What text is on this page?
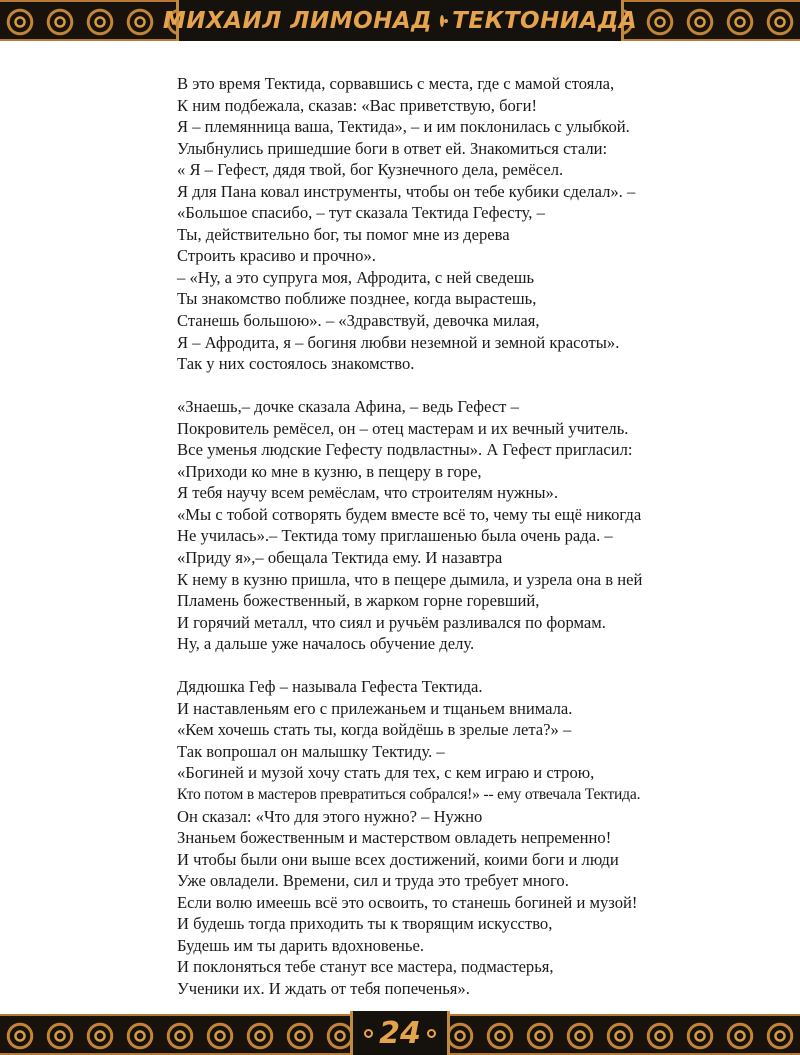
МИХАИЛ ЛИМОНАД ТЕКТОНИАДА
В это время Тектида, сорвавшись с места, где с мамой стояла,
К ним подбежала, сказав: «Вас приветствую, боги!
Я – племянница ваша, Тектида», – и им поклонилась с улыбкой.
Улыбнулись пришедшие боги в ответ ей. Знакомиться стали:
« Я – Гефест, дядя твой, бог Кузнечного дела, ремёсел.
Я для Пана ковал инструменты, чтобы он тебе кубики сделал». –
«Большое спасибо, – тут сказала Тектида Гефесту, –
Ты, действительно бог, ты помог мне из дерева
Строить красиво и прочно».
– «Ну, а это супруга моя, Афродита, с ней сведешь
Ты знакомство поближе позднее, когда вырастешь,
Станешь большою». – «Здравствуй, девочка милая,
Я – Афродита, я – богиня любви неземной и земной красоты».
Так у них состоялось знакомство.
«Знаешь,– дочке сказала Афина, – ведь Гефест –
Покровитель ремёсел, он – отец мастерам и их вечный учитель.
Все уменья людские Гефесту подвластны». А Гефест пригласил:
«Приходи ко мне в кузню, в пещеру в горе,
Я тебя научу всем ремёслам, что строителям нужны».
«Мы с тобой сотворять будем вместе всё то, чему ты ещё никогда
Не училась».– Тектида тому приглашенью была очень рада. –
«Приду я»,– обещала Тектида ему. И назавтра
К нему в кузню пришла, что в пещере дымила, и узрела она в ней
Пламень божественный, в жарком горне горевший,
И горячий металл, что сиял и ручьём разливался по формам.
Ну, а дальше уже началось обучение делу.
Дядюшка Геф – называла Гефеста Тектида.
И наставленьям его с прилежаньем и тщаньем внимала.
«Кем хочешь стать ты, когда войдёшь в зрелые лета?» –
Так вопрошал он малышку Тектиду. –
«Богиней и музой хочу стать для тех, с кем играю и строю,
Кто потом в мастеров превратиться собрался!» -- ему отвечала Тектида.
Он сказал: «Что для этого нужно? – Нужно
Знаньем божественным и мастерством овладеть непременно!
И чтобы были они выше всех достижений, коими боги и люди
Уже овладели. Времени, сил и труда это требует много.
Если волю имеешь всё это освоить, то станешь богиней и музой!
И будешь тогда приходить ты к творящим искусство,
Будешь им ты дарить вдохновенье.
И поклоняться тебе станут все мастера, подмастерья,
Ученики их. И ждать от тебя попеченья».
24
